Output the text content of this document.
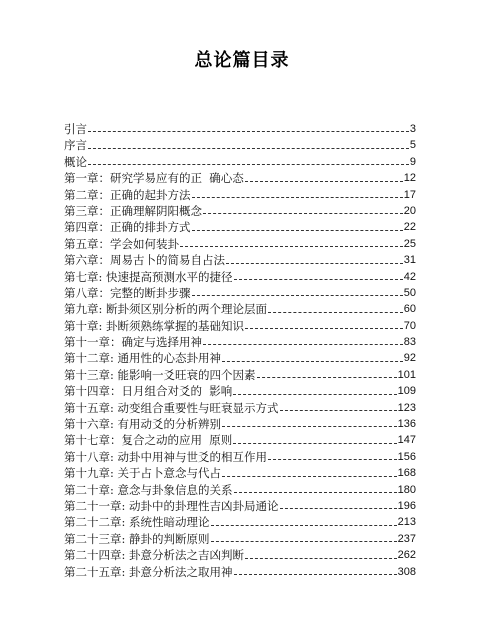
总论篇目录
引言	3
序言	5
概论	9
第一章：研究学易应有的正  确心态	12
第二章：正确的起卦方法	17
第三章：正确理解阴阳概念	20
第四章：正确的排卦方式	22
第五章：学会如何装卦	25
第六章：周易古卜的简易自占法	31
第七章: 快速提高预测水平的捷径	42
第八章：完整的断卦步骤	50
第九章: 断卦须区别分析的两个理论层面	60
第十章: 卦断须熟练掌握的基础知识	70
第十一章：确定与选择用神	83
第十二章: 通用性的心态卦用神	92
第十三章: 能影响一爻旺衰的四个因素	101
第十四章：日月组合对爻的  影响	109
第十五章: 动变组合重要性与旺衰显示方式	123
第十六章: 有用动爻的分析辨别	136
第十七章：复合之动的应用  原则	147
第十八章: 动卦中用神与世爻的相互作用	156
第十九章: 关于占卜意念与代占	168
第二十章: 意念与卦象信息的关系	180
第二十一章: 动卦中的卦理性吉凶卦局通论	196
第二十二章: 系统性暗动理论	213
第二十三章: 静卦的判断原则	237
第二十四章: 卦意分析法之吉凶判断	262
第二十五章: 卦意分析法之取用神	308
